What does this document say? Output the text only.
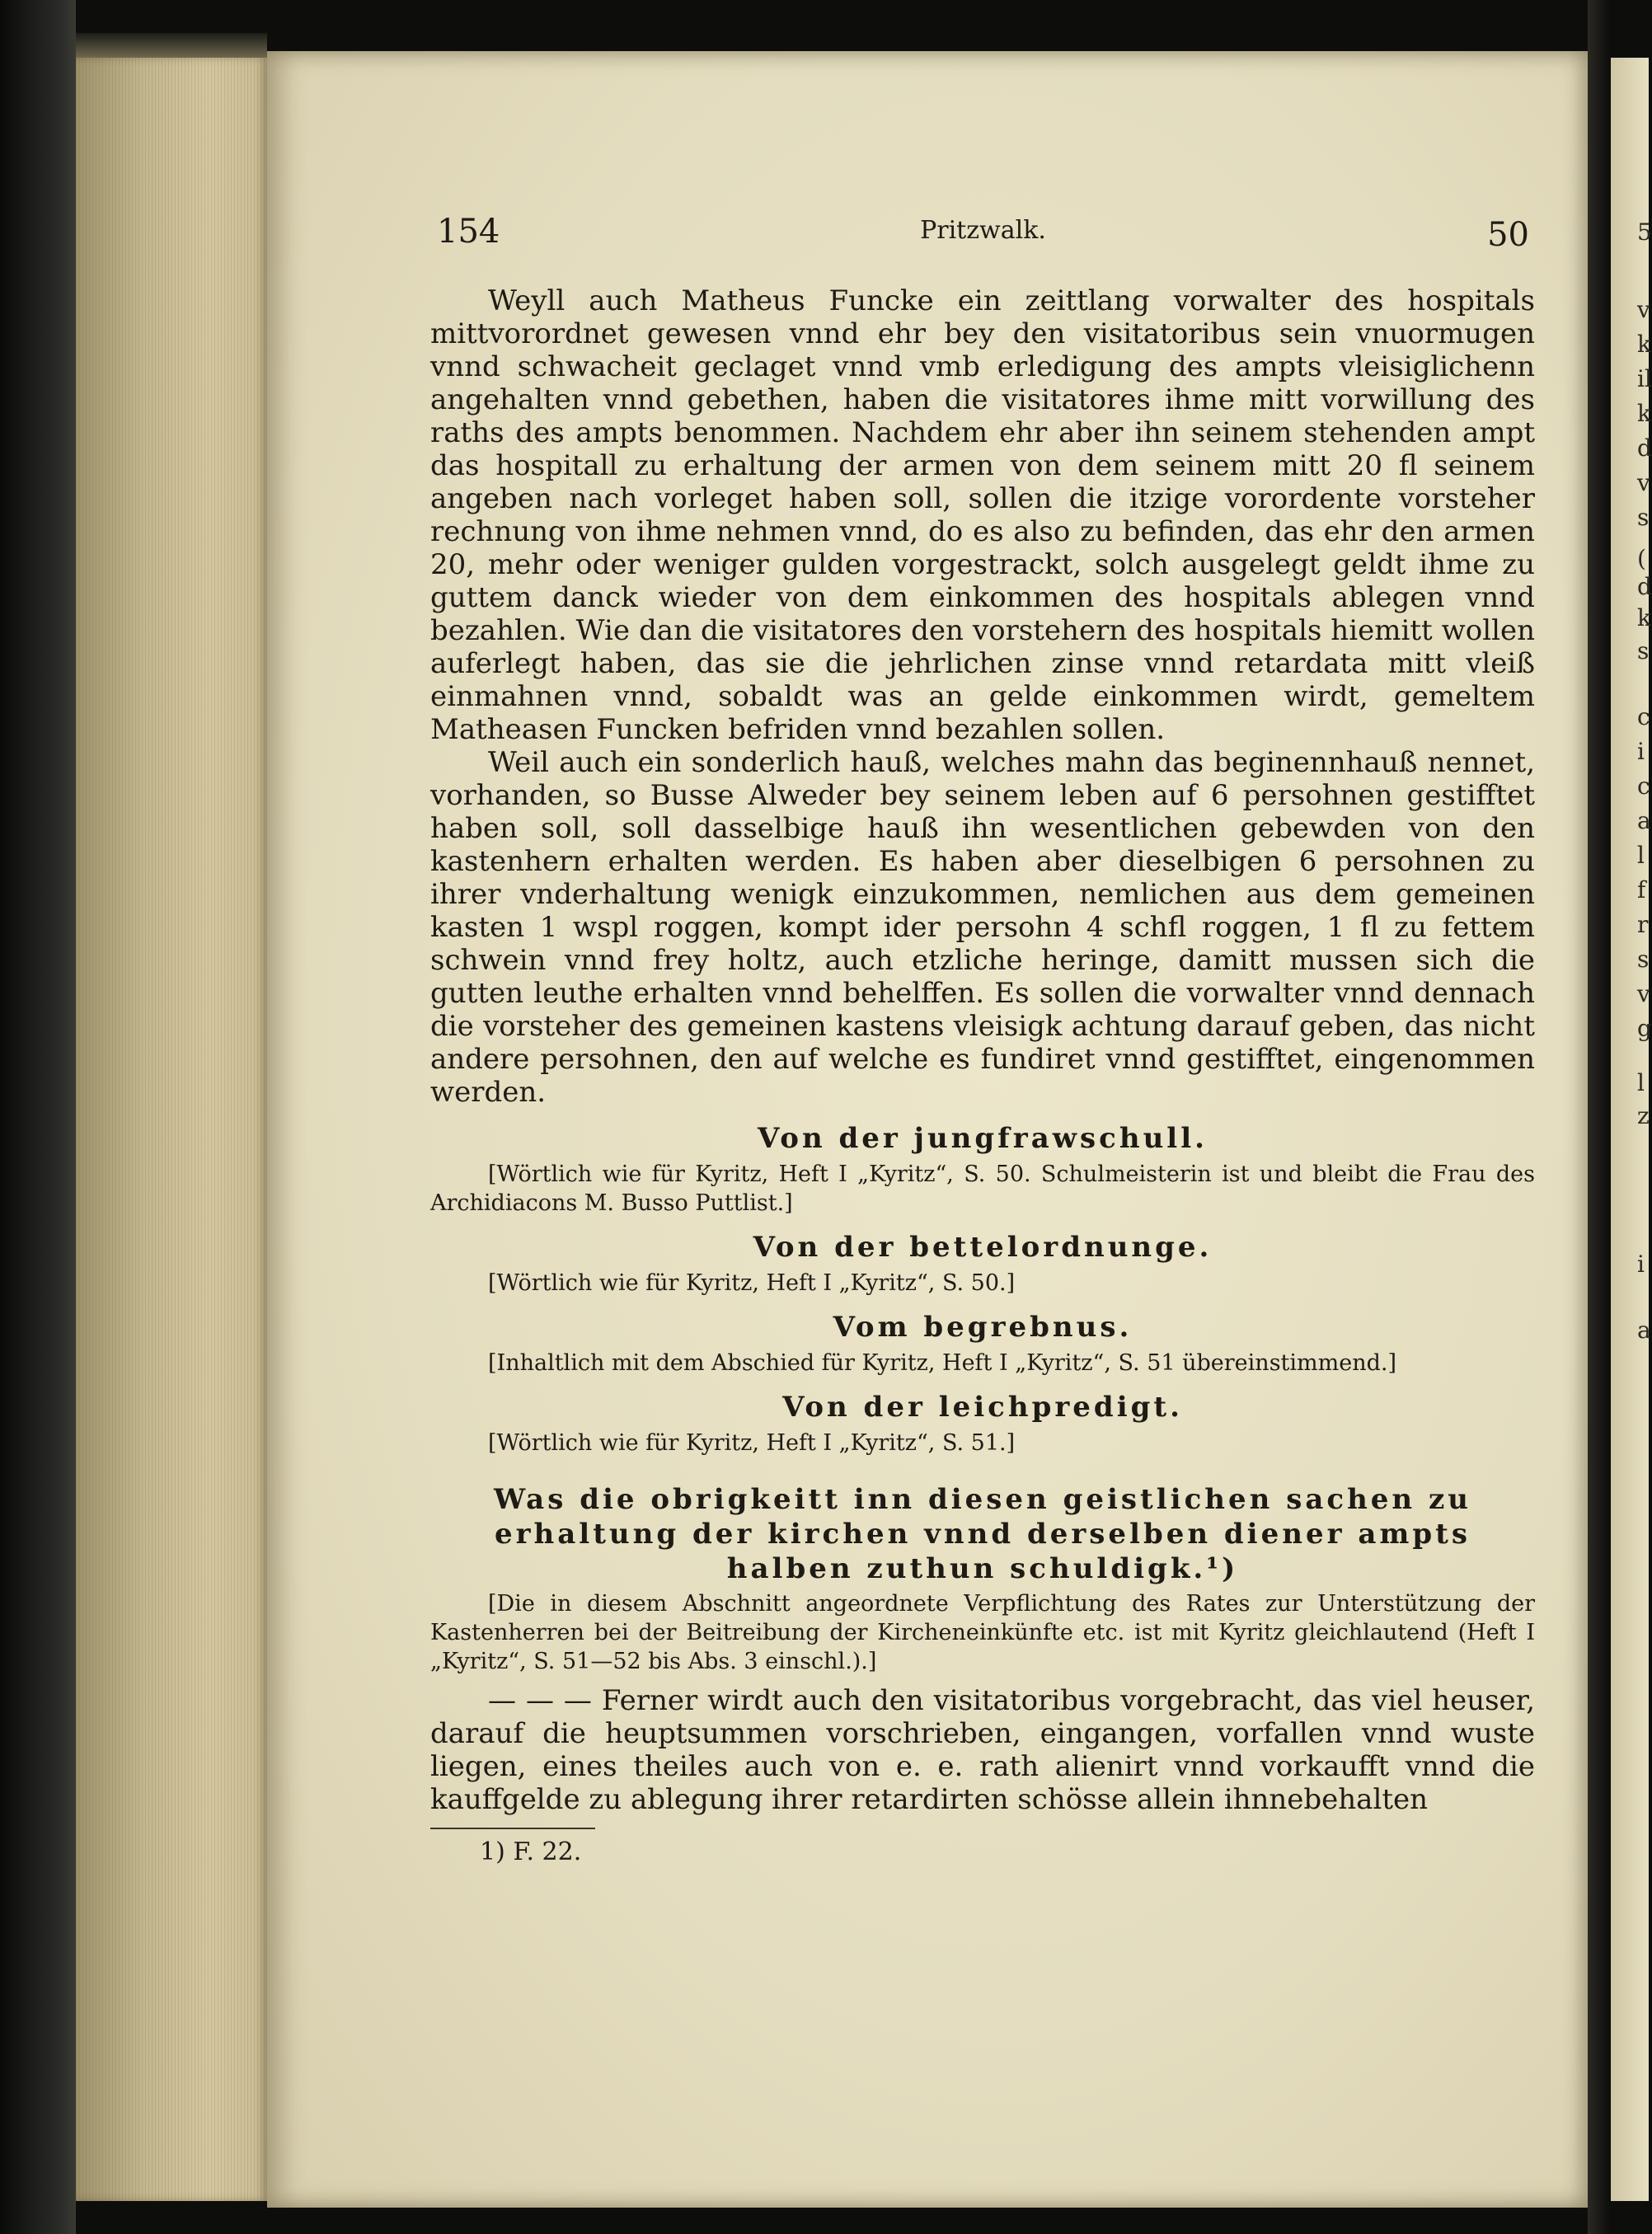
5
v
k
il
k
d
v
s
(
d
k
s
c
i
c
a
l
f
r
s
v
g
l
z
i
a
154	Pritzwalk.	50

Weyll auch Matheus Funcke ein zeittlang vorwalter des hospitals mittvorordnet gewesen vnnd ehr bey den visitatoribus sein vnuormugen vnnd schwacheit geclaget vnnd vmb erledigung des ampts vleisiglichenn angehalten vnnd gebethen, haben die visitatores ihme mitt vorwillung des raths des ampts benommen. Nachdem ehr aber ihn seinem stehenden ampt das hospitall zu erhaltung der armen von dem seinem mitt 20 fl seinem angeben nach vorleget haben soll, sollen die itzige vorordente vorsteher rechnung von ihme nehmen vnnd, do es also zu befinden, das ehr den armen 20, mehr oder weniger gulden vorgestrackt, solch ausgelegt geldt ihme zu guttem danck wieder von dem einkommen des hospitals ablegen vnnd bezahlen. Wie dan die visitatores den vorstehern des hospitals hiemitt wollen auferlegt haben, das sie die jehrlichen zinse vnnd retardata mitt vleiß einmahnen vnnd, sobaldt was an gelde einkommen wirdt, gemeltem Matheasen Funcken befriden vnnd bezahlen sollen.

Weil auch ein sonderlich hauß, welches mahn das beginennhauß nennet, vorhanden, so Busse Alweder bey seinem leben auf 6 persohnen gestifftet haben soll, soll dasselbige hauß ihn wesentlichen gebewden von den kastenhern erhalten werden. Es haben aber dieselbigen 6 persohnen zu ihrer vnderhaltung wenigk einzukommen, nemlichen aus dem gemeinen kasten 1 wspl roggen, kompt ider persohn 4 schfl roggen, 1 fl zu fettem schwein vnnd frey holtz, auch etzliche heringe, damitt mussen sich die gutten leuthe erhalten vnnd behelffen. Es sollen die vorwalter vnnd dennach die vorsteher des gemeinen kastens vleisigk achtung darauf geben, das nicht andere persohnen, den auf welche es fundiret vnnd gestifftet, eingenommen werden.

Von der jungfrawschull.

[Wörtlich wie für Kyritz, Heft I „Kyritz“, S. 50. Schulmeisterin ist und bleibt die Frau des Archidiacons M. Busso Puttlist.]

Von der bettelordnunge.

[Wörtlich wie für Kyritz, Heft I „Kyritz“, S. 50.]

Vom begrebnus.

[Inhaltlich mit dem Abschied für Kyritz, Heft I „Kyritz“, S. 51 übereinstimmend.]

Von der leichpredigt.

[Wörtlich wie für Kyritz, Heft I „Kyritz“, S. 51.]

Was die obrigkeitt inn diesen geistlichen sachen zu erhaltung der kirchen vnnd derselben diener ampts halben zuthun schuldigk.¹)

[Die in diesem Abschnitt angeordnete Verpflichtung des Rates zur Unterstützung der Kastenherren bei der Beitreibung der Kircheneinkünfte etc. ist mit Kyritz gleichlautend (Heft I „Kyritz“, S. 51—52 bis Abs. 3 einschl.).]

— — — Ferner wirdt auch den visitatoribus vorgebracht, das viel heuser, darauf die heuptsummen vorschrieben, eingangen, vorfallen vnnd wuste liegen, eines theiles auch von e. e. rath alienirt vnnd vorkaufft vnnd die kauffgelde zu ablegung ihrer retardirten schösse allein ihnnebehalten

1) F. 22.
